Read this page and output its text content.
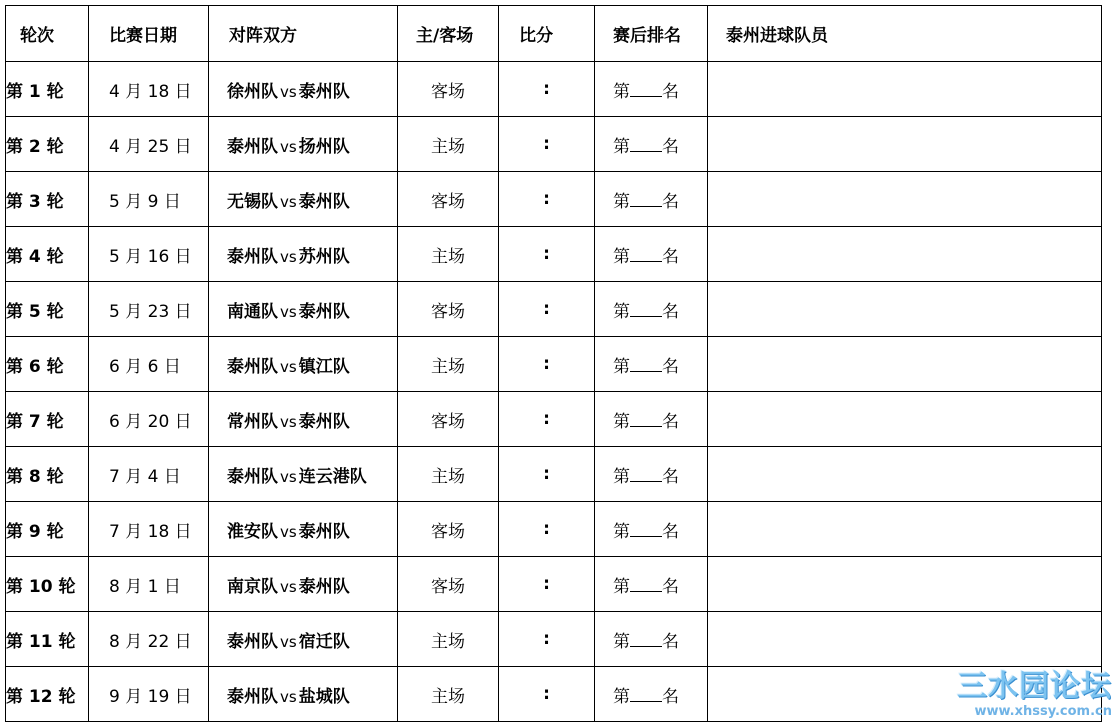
轮次	比赛日期	对阵双方	主/客场	比分	赛后排名	泰州进球队员
第 1 轮	4 月 18 日	徐州队 vs 泰州队	客场	:	第 名	
第 2 轮	4 月 25 日	泰州队 vs 扬州队	主场	:	第 名	
第 3 轮	5 月 9 日	无锡队 vs 泰州队	客场	:	第 名	
第 4 轮	5 月 16 日	泰州队 vs 苏州队	主场	:	第 名	
第 5 轮	5 月 23 日	南通队 vs 泰州队	客场	:	第 名	
第 6 轮	6 月 6 日	泰州队 vs 镇江队	主场	:	第 名	
第 7 轮	6 月 20 日	常州队 vs 泰州队	客场	:	第 名	
第 8 轮	7 月 4 日	泰州队 vs 连云港队	主场	:	第 名	
第 9 轮	7 月 18 日	淮安队 vs 泰州队	客场	:	第 名	
第 10 轮	8 月 1 日	南京队 vs 泰州队	客场	:	第 名	
第 11 轮	8 月 22 日	泰州队 vs 宿迁队	主场	:	第 名	
第 12 轮	9 月 19 日	泰州队 vs 盐城队	主场	:	第 名		三水园论坛
www.xhssy.com.cn
